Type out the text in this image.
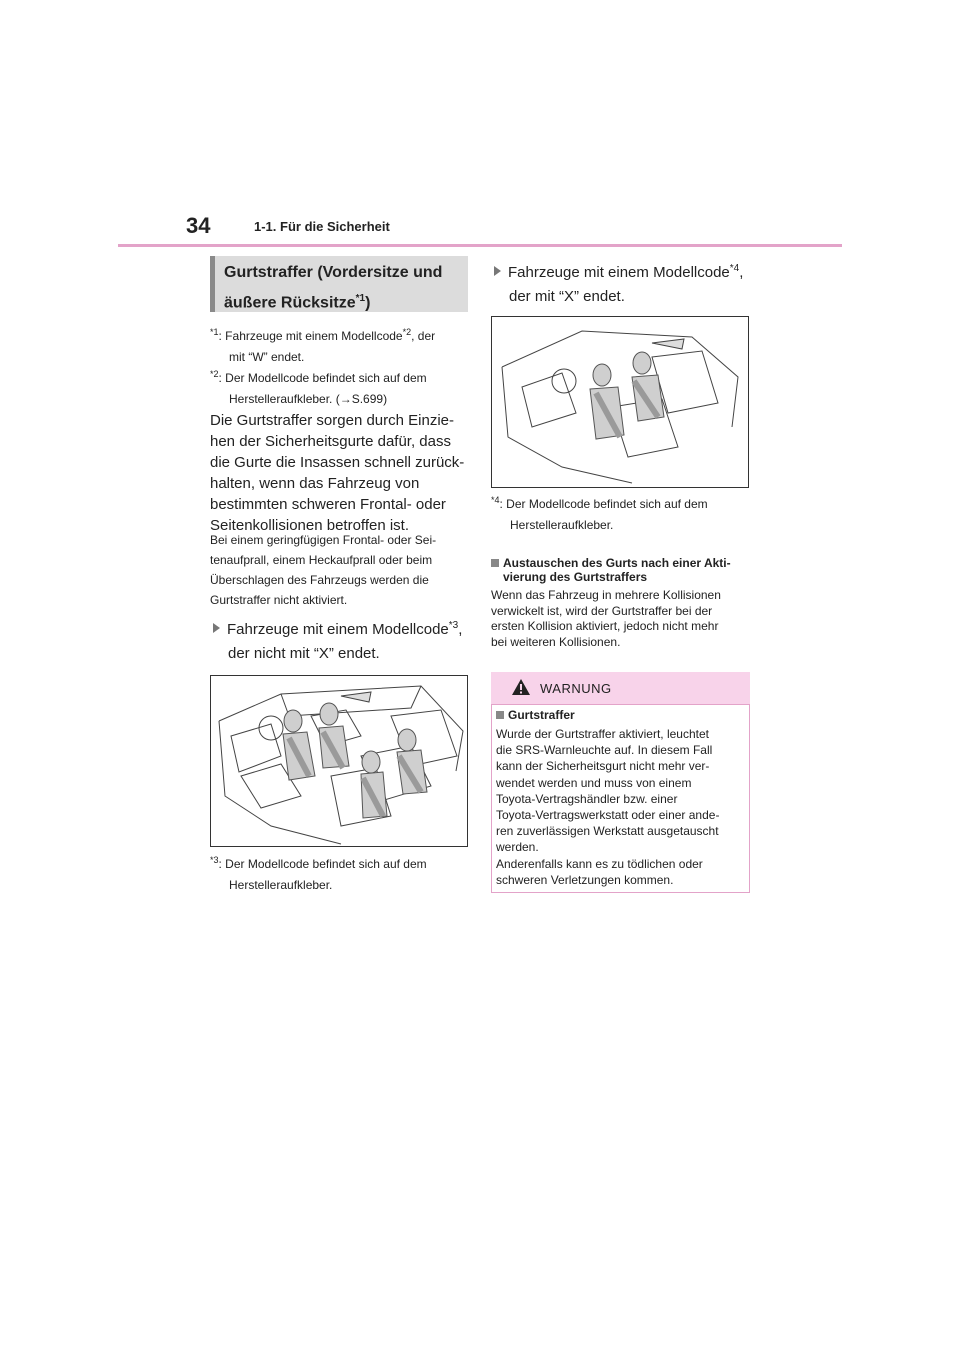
34	1-1. Für die Sicherheit
Gurtstraffer (Vordersitze und
äußere Rücksitze$^{*1}$)
$^{*1}$: Fahrzeuge mit einem Modellcode$^{*2}$, der
mit “W” endet.
$^{*2}$: Der Modellcode befindet sich auf dem
Herstelleraufkleber. (→S.699)
Die Gurtstraffer sorgen durch Einzie-
hen der Sicherheitsgurte dafür, dass
die Gurte die Insassen schnell zurück-
halten, wenn das Fahrzeug von
bestimmten schweren Frontal- oder
Seitenkollisionen betroffen ist.
Bei einem geringfügigen Frontal- oder Sei-
tenaufprall, einem Heckaufprall oder beim
Überschlagen des Fahrzeugs werden die
Gurtstraffer nicht aktiviert.
Fahrzeuge mit einem Modellcode$^{*3}$,
der nicht mit “X” endet.
$^{*3}$: Der Modellcode befindet sich auf dem
Herstelleraufkleber.
Fahrzeuge mit einem Modellcode$^{*4}$,
der mit “X” endet.
$^{*4}$: Der Modellcode befindet sich auf dem
Herstelleraufkleber.
Austauschen des Gurts nach einer Akti-
vierung des Gurtstraffers
Wenn das Fahrzeug in mehrere Kollisionen
verwickelt ist, wird der Gurtstraffer bei der
ersten Kollision aktiviert, jedoch nicht mehr
bei weiteren Kollisionen.
WARNUNG
Gurtstraffer
Wurde der Gurtstraffer aktiviert, leuchtet
die SRS-Warnleuchte auf. In diesem Fall
kann der Sicherheitsgurt nicht mehr ver-
wendet werden und muss von einem
Toyota-Vertragshändler bzw. einer
Toyota-Vertragswerkstatt oder einer ande-
ren zuverlässigen Werkstatt ausgetauscht
werden.
Anderenfalls kann es zu tödlichen oder
schweren Verletzungen kommen.
